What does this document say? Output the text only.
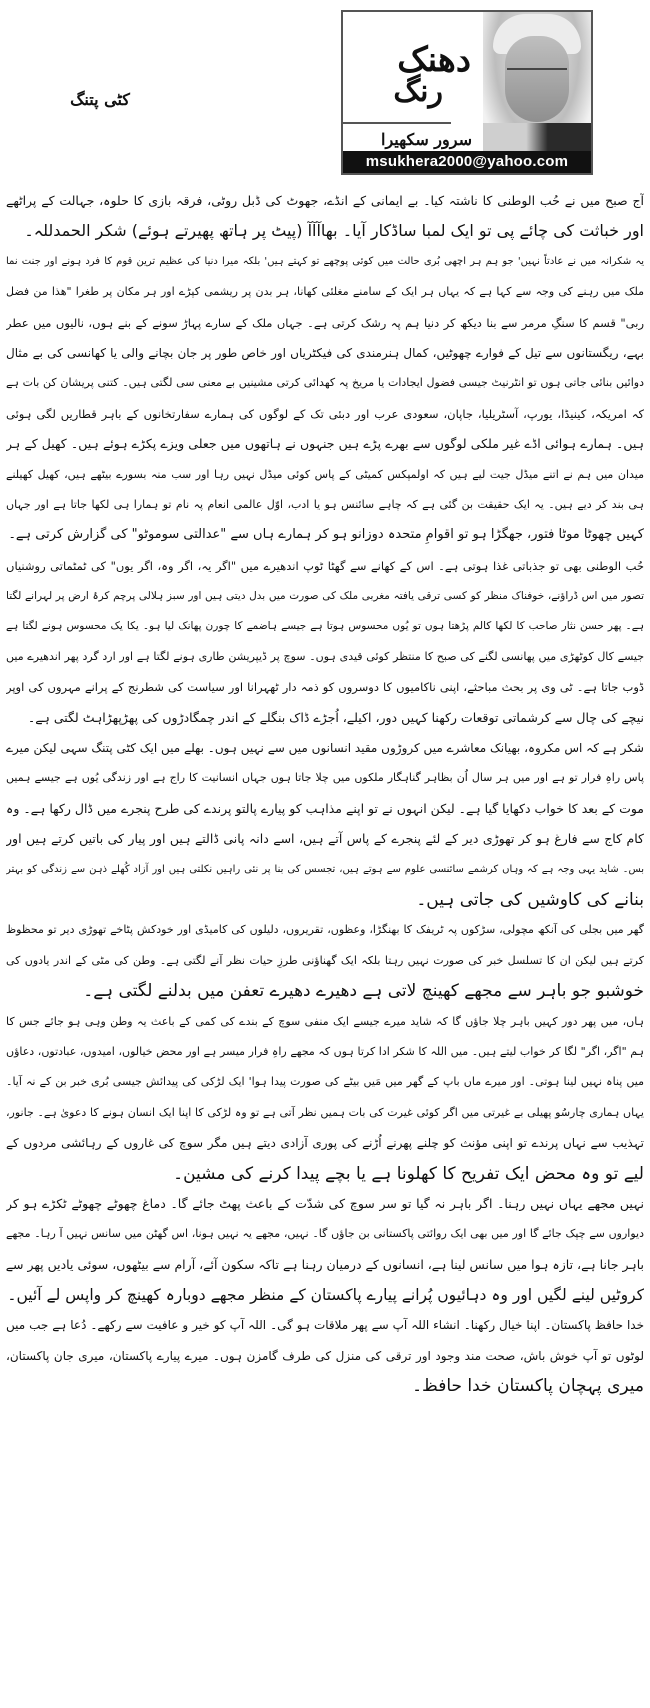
دھنک
رنگ
سرور سکھیرا
msukhera2000@yahoo.com
کٹی پتنگ
آج صبح میں نے حُب الوطنی کا ناشتہ کیا۔ بے ایمانی کے انڈے، جھوٹ کی ڈبل روٹی، فرقہ بازی کا حلوہ، جہالت کے پراٹھے
اور خباثت کی چائے پی تو ایک لمبا ساڈکار آیا۔ بھاآآآ (پیٹ پر ہاتھ پھیرتے ہوئے) شکر الحمدللہ۔
یہ شکرانہ میں نے عادتاً نہیں' جو ہم ہر اچھی بُری حالت میں کوئی پوچھے تو کہتے ہیں' بلکہ میرا دنیا کی عظیم ترین قوم کا فرد ہونے اور جنت نما
ملک میں رہنے کی وجہ سے کہا ہے کہ یہاں ہر ایک کے سامنے مغلئی کھانا، ہر بدن پر ریشمی کپڑے اور ہر مکان پر طغرا "ھذا من فضل
ربی" قسم کا سنگِ مرمر سے بنا دیکھ کر دنیا ہم پہ رشک کرتی ہے۔ جہاں ملک کے سارے پہاڑ سونے کے بنے ہوں، نالیوں میں عطر
بہے، ریگستانوں سے تیل کے فوارے چھوٹیں، کمال ہنرمندی کی فیکٹریاں اور خاص طور پر جان بچانے والی یا کھانسی کی بے مثال
دوائیں بنائی جاتی ہوں تو انٹرنیٹ جیسی فضول ایجادات یا مریخ پہ کھدائی کرتی مشینیں بے معنی سی لگتی ہیں۔ کتنی پریشان کن بات ہے
کہ امریکہ، کینیڈا، یورپ، آسٹریلیا، جاپان، سعودی عرب اور دبئی تک کے لوگوں کی ہمارے سفارتخانوں کے باہر قطاریں لگی ہوئی
ہیں۔ ہمارے ہوائی اڈے غیر ملکی لوگوں سے بھرے پڑے ہیں جنہوں نے ہاتھوں میں جعلی ویزے پکڑے ہوئے ہیں۔ کھیل کے ہر
میدان میں ہم نے اتنے میڈل جیت لیے ہیں کہ اولمپکس کمیٹی کے پاس کوئی میڈل نہیں رہا اور سب منہ بسورے بیٹھے ہیں، کھیل کھیلنے
ہی بند کر دیے ہیں۔ یہ ایک حقیقت بن گئی ہے کہ چاہے سائنس ہو یا ادب، اوّل عالمی انعام پہ نام تو ہمارا ہی لکھا جاتا ہے اور جہاں
کہیں چھوٹا موٹا فتور، جھگڑا ہو تو اقوامِ متحدہ دوزانو ہو کر ہمارے ہاں سے "عدالتی سوموٹو" کی گزارش کرتی ہے۔
حُب الوطنی بھی تو جذباتی غذا ہوتی ہے۔ اس کے کھانے سے گھٹا ٹوپ اندھیرے میں "اگر یہ، اگر وہ، اگر یوں" کی ٹمٹماتی روشنیاں
تصور میں اس ڈراؤنے، خوفناک منظر کو کسی ترقی یافتہ مغربی ملک کی صورت میں بدل دیتی ہیں اور سبز ہلالی پرچم کرۂ ارض پر لہرانے لگتا
ہے۔ پھر حسن نثار صاحب کا لکھا کالم پڑھتا ہوں تو یُوں محسوس ہوتا ہے جیسے ہاضمے کا چورن پھانک لیا ہو۔ یکا یک محسوس ہونے لگتا ہے
جیسے کال کوٹھڑی میں پھانسی لگنے کی صبح کا منتظر کوئی قیدی ہوں۔ سوچ پر ڈیپریشن طاری ہونے لگتا ہے اور ارد گرد پھر اندھیرے میں
ڈوب جاتا ہے۔ ٹی وی پر بحث مباحثے، اپنی ناکامیوں کا دوسروں کو ذمہ دار ٹھہرانا اور سیاست کی شطرنج کے پرانے مہروں کی اوپر
نیچے کی چال سے کرشماتی توقعات رکھنا کہیں دور، اکیلے، اُجڑے ڈاک بنگلے کے اندر چمگادڑوں کی پھڑپھڑاہٹ لگتی ہے۔
شکر ہے کہ اس مکروہ، بھیانک معاشرے میں کروڑوں مقید انسانوں میں سے نہیں ہوں۔ بھلے میں ایک کٹی پتنگ سہی لیکن میرے
پاس راہِ فرار تو ہے اور میں ہر سال اُن بظاہر گناہگار ملکوں میں چلا جاتا ہوں جہاں انسانیت کا راج ہے اور زندگی یُوں ہے جیسے ہمیں
موت کے بعد کا خواب دکھایا گیا ہے۔ لیکن انہوں نے تو اپنے مذاہب کو پیارے پالتو پرندے کی طرح پنجرے میں ڈال رکھا ہے۔ وہ
کام کاج سے فارغ ہو کر تھوڑی دیر کے لئے پنجرے کے پاس آتے ہیں، اسے دانہ پانی ڈالتے ہیں اور پیار کی باتیں کرتے ہیں اور
بس۔ شاید یہی وجہ ہے کہ وہاں کرشمے سائنسی علوم سے ہوتے ہیں، تجسس کی بنا پر نئی راہیں نکلتی ہیں اور آزاد کُھلے ذہن سے زندگی کو بہتر
بنانے کی کاوشیں کی جاتی ہیں۔
گھر میں بجلی کی آنکھ مچولی، سڑکوں پہ ٹریفک کا بھنگڑا، وعظوں، تقریروں، دلیلوں کی کامیڈی اور خودکش پٹاخے تھوڑی دیر تو محظوظ
کرتے ہیں لیکن ان کا تسلسل خبر کی صورت نہیں رہتا بلکہ ایک گھناؤنی طرزِ حیات نظر آنے لگتی ہے۔ وطن کی مٹی کے اندر یادوں کی
خوشبو جو باہر سے مجھے کھینچ لاتی ہے دھیرے دھیرے تعفن میں بدلنے لگتی ہے۔
ہاں، میں پھر دور کہیں باہر چلا جاؤں گا کہ شاید میرے جیسے ایک منفی سوچ کے بندے کی کمی کے باعث یہ وطن وہی ہو جائے جس کا
ہم "اگر، اگر" لگا کر خواب لیتے ہیں۔ میں اللہ کا شکر ادا کرتا ہوں کہ مجھے راہِ فرار میسر ہے اور محض خیالوں، امیدوں، عبادتوں، دعاؤں
میں پناہ نہیں لینا ہوتی۔ اور میرے ماں باپ کے گھر میں مَیں بیٹے کی صورت پیدا ہوا' ایک لڑکی کی پیدائش جیسی بُری خبر بن کے نہ آیا۔
یہاں ہماری چارسُو پھیلی بے غیرتی میں اگر کوئی غیرت کی بات ہمیں نظر آتی ہے تو وہ لڑکی کا اپنا ایک انسان ہونے کا دعویٰ ہے۔ جانور،
تہذیب سے نہاں پرندے تو اپنی مؤنث کو چلنے پھرنے اُڑنے کی پوری آزادی دیتے ہیں مگر سوچ کی غاروں کے رہائشی مردوں کے
لیے تو وہ محض ایک تفریح کا کھلونا ہے یا بچے پیدا کرنے کی مشین۔
نہیں مجھے یہاں نہیں رہنا۔ اگر باہر نہ گیا تو سر سوچ کی شدّت کے باعث پھٹ جائے گا۔ دماغ چھوٹے چھوٹے ٹکڑے ہو کر
دیواروں سے چپک جائے گا اور میں بھی ایک روائتی پاکستانی بن جاؤں گا۔ نہیں، مجھے یہ نہیں ہونا، اس گھٹن میں سانس نہیں آ رہا۔ مجھے
باہر جانا ہے، تازہ ہوا میں سانس لینا ہے، انسانوں کے درمیان رہنا ہے تاکہ سکون آئے، آرام سے بیٹھوں، سوئی یادیں پھر سے
کروٹیں لینے لگیں اور وہ دہائیوں پُرانے پیارے پاکستان کے منظر مجھے دوبارہ کھینچ کر واپس لے آئیں۔
خدا حافظ پاکستان۔ اپنا خیال رکھنا۔ انشاء اللہ آپ سے پھر ملاقات ہو گی۔ اللہ آپ کو خیر و عافیت سے رکھے۔ دُعا ہے جب میں
لوٹوں تو آپ خوش باش، صحت مند وجود اور ترقی کی منزل کی طرف گامزن ہوں۔ میرے پیارے پاکستان، میری جان پاکستان،
میری پہچان پاکستان خدا حافظ۔
